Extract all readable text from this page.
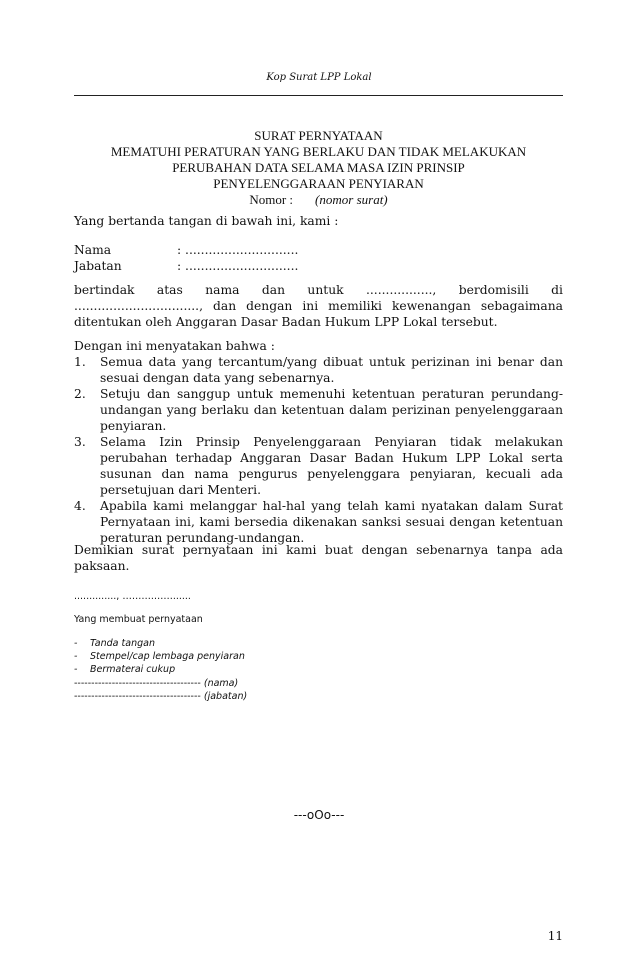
Kop Surat LPP Lokal
SURAT PERNYATAAN
MEMATUHI PERATURAN YANG BERLAKU DAN TIDAK MELAKUKAN
PERUBAHAN DATA SELAMA MASA IZIN PRINSIP
PENYELENGGARAAN PENYIARAN
Nomor : (nomor surat)
Yang bertanda tangan di bawah ini, kami :
Nama	: .............................
Jabatan	: .............................
bertindak atas nama dan untuk ................., berdomisili di
................................, dan dengan ini memiliki kewenangan sebagaimana
ditentukan oleh Anggaran Dasar Badan Hukum LPP Lokal tersebut.
Dengan ini menyatakan bahwa :
1.	Semua data yang tercantum/yang dibuat untuk perizinan ini benar dan sesuai dengan data yang sebenarnya.
2.	Setuju dan sanggup untuk memenuhi ketentuan peraturan perundang-undangan yang berlaku dan ketentuan dalam perizinan penyelenggaraan penyiaran.
3.	Selama Izin Prinsip Penyelenggaraan Penyiaran tidak melakukan perubahan terhadap Anggaran Dasar Badan Hukum LPP Lokal serta susunan dan nama pengurus penyelenggara penyiaran, kecuali ada persetujuan dari Menteri.
4.	Apabila kami melanggar hal-hal yang telah kami nyatakan dalam Surat Pernyataan ini, kami bersedia dikenakan sanksi sesuai dengan ketentuan peraturan perundang-undangan.
Demikian surat pernyataan ini kami buat dengan sebenarnya tanpa ada paksaan.
.............., ……….……......
Yang membuat pernyataan
-	Tanda tangan
-	Stempel/cap lembaga penyiaran
-	Bermaterai cukup
------------------------------------- (nama)
------------------------------------- (jabatan)
---oOo---
11
